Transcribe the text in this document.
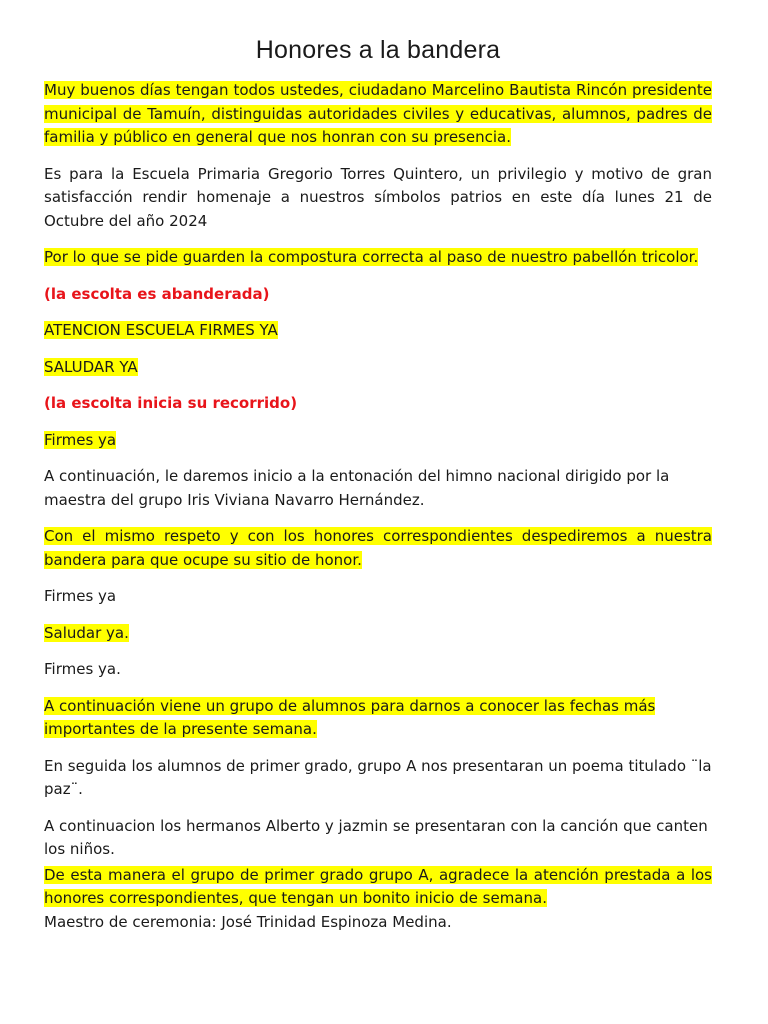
Honores a la bandera

Muy buenos días tengan todos ustedes, ciudadano Marcelino Bautista Rincón presidente municipal de Tamuín, distinguidas autoridades civiles y educativas, alumnos, padres de familia y público en general que nos honran con su presencia.

Es para la Escuela Primaria Gregorio Torres Quintero, un privilegio y motivo de gran satisfacción rendir homenaje a nuestros símbolos patrios en este día lunes 21 de Octubre del año 2024

Por lo que se pide guarden la compostura correcta al paso de nuestro pabellón tricolor.

(la escolta es abanderada)

ATENCION ESCUELA FIRMES YA

SALUDAR YA

(la escolta inicia su recorrido)

Firmes ya

A continuación, le daremos inicio a la entonación del himno nacional dirigido por la maestra del grupo Iris Viviana Navarro Hernández.

Con el mismo respeto y con los honores correspondientes despediremos a nuestra bandera para que ocupe su sitio de honor.

Firmes ya

Saludar ya.

Firmes ya.

A continuación viene un grupo de alumnos para darnos a conocer las fechas más importantes de la presente semana.

En seguida los alumnos de primer grado, grupo A nos presentaran un poema titulado ¨la paz¨.

A continuacion los hermanos Alberto y jazmin se presentaran con la canción que canten los niños.

De esta manera el grupo de primer grado grupo A, agradece la atención prestada a los honores correspondientes, que tengan un bonito inicio de semana.

Maestro de ceremonia: José Trinidad Espinoza Medina.
